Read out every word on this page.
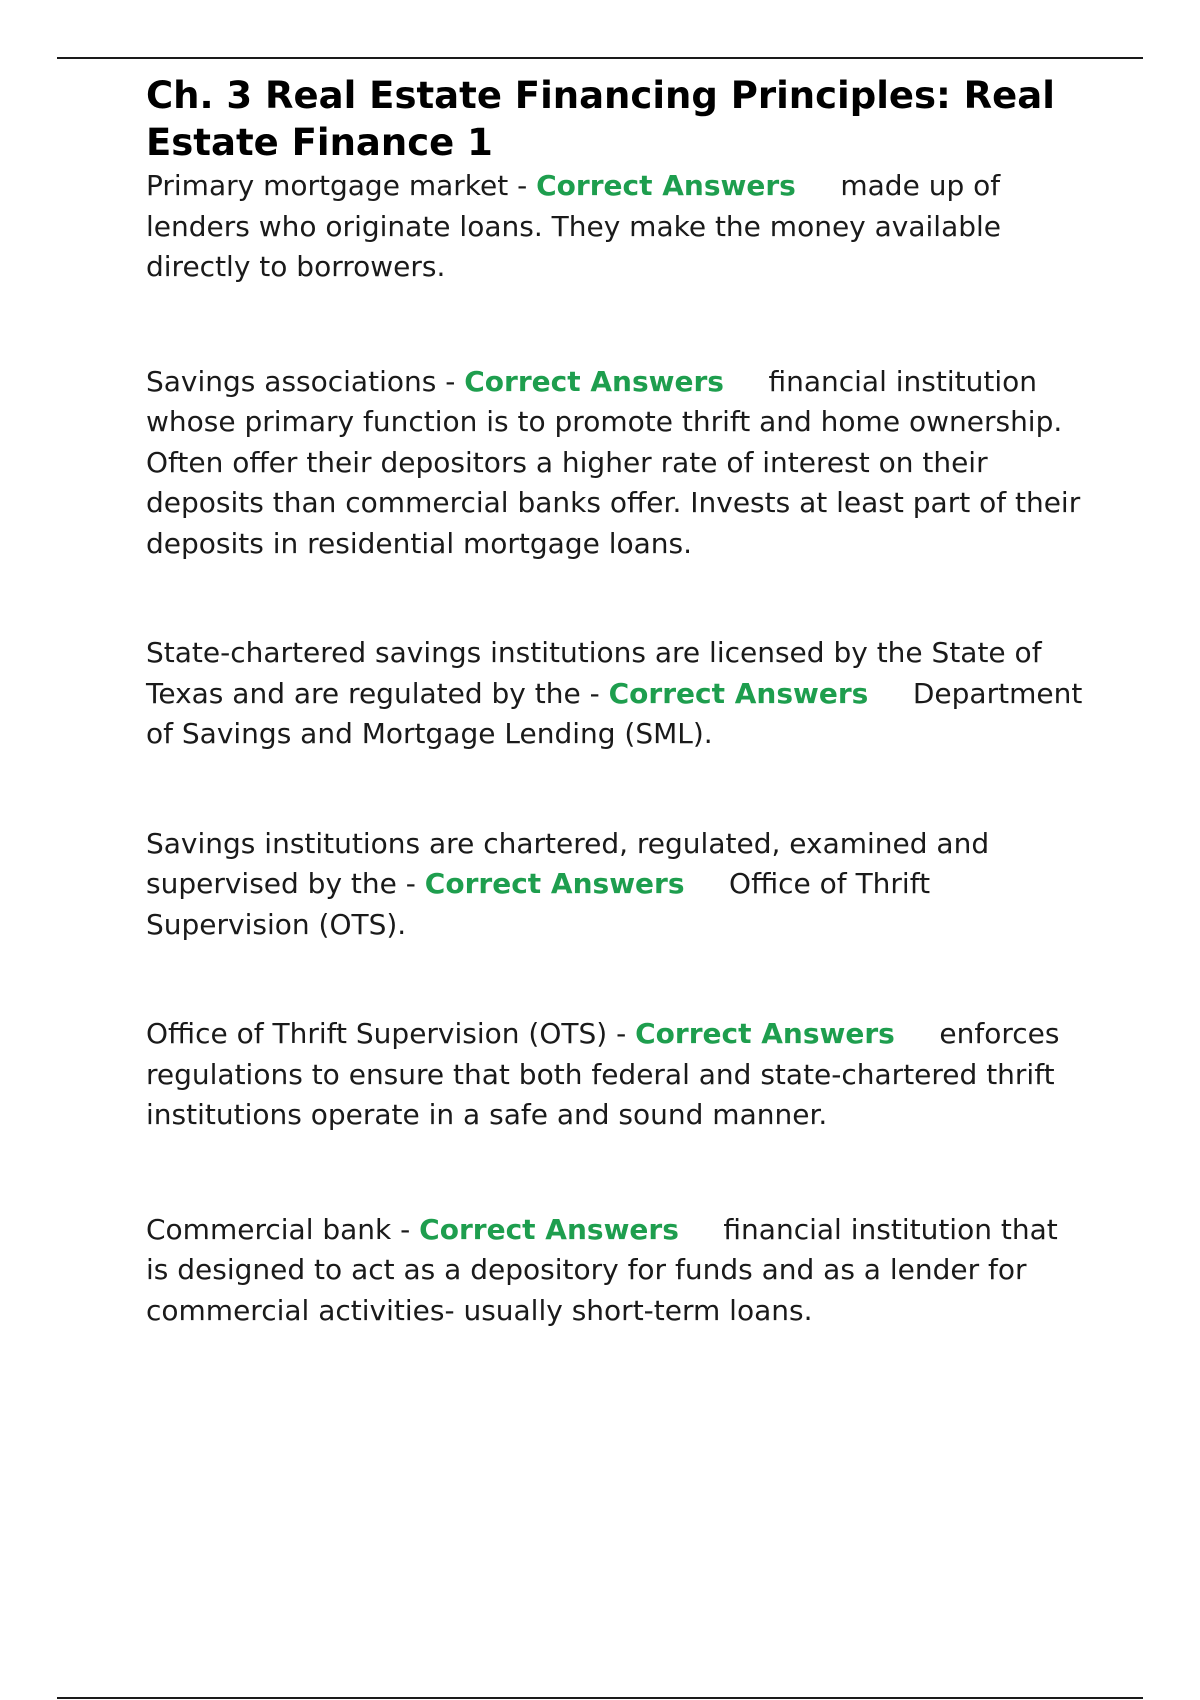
Ch. 3 Real Estate Financing Principles: Real Estate Finance 1

Primary mortgage market - Correct Answers made up of lenders who originate loans. They make the money available directly to borrowers.

Savings associations - Correct Answers financial institution whose primary function is to promote thrift and home ownership. Often offer their depositors a higher rate of interest on their deposits than commercial banks offer. Invests at least part of their deposits in residential mortgage loans.

State-chartered savings institutions are licensed by the State of Texas and are regulated by the - Correct Answers Department of Savings and Mortgage Lending (SML).

Savings institutions are chartered, regulated, examined and supervised by the - Correct Answers Office of Thrift Supervision (OTS).

Office of Thrift Supervision (OTS) - Correct Answers enforces regulations to ensure that both federal and state-chartered thrift institutions operate in a safe and sound manner.

Commercial bank - Correct Answers financial institution that is designed to act as a depository for funds and as a lender for commercial activities- usually short-term loans.
